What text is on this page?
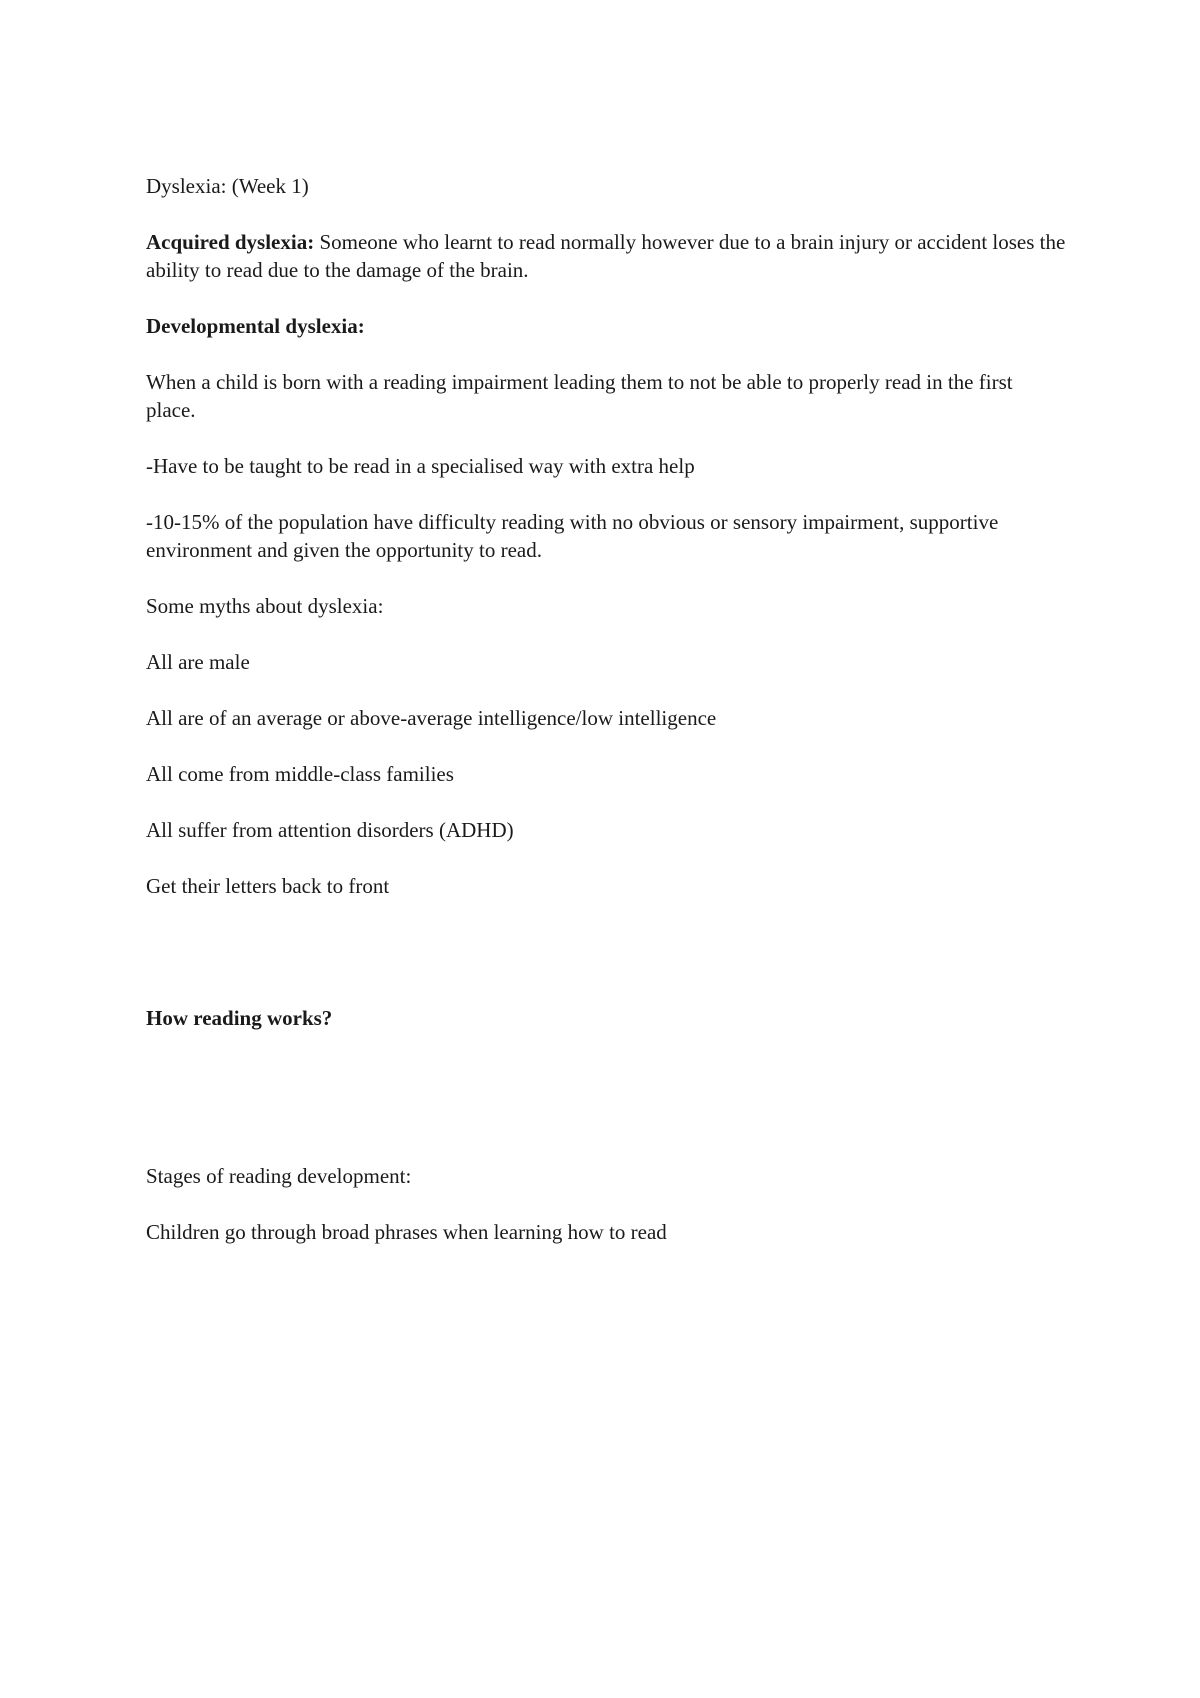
Dyslexia: (Week 1)

Acquired dyslexia: Someone who learnt to read normally however due to a brain injury or accident loses the ability to read due to the damage of the brain.

Developmental dyslexia:

When a child is born with a reading impairment leading them to not be able to properly read in the first place.

-Have to be taught to be read in a specialised way with extra help

-10-15% of the population have difficulty reading with no obvious or sensory impairment, supportive environment and given the opportunity to read.

Some myths about dyslexia:

All are male

All are of an average or above-average intelligence/low intelligence

All come from middle-class families

All suffer from attention disorders (ADHD)

Get their letters back to front

How reading works?

Stages of reading development:

Children go through broad phrases when learning how to read
